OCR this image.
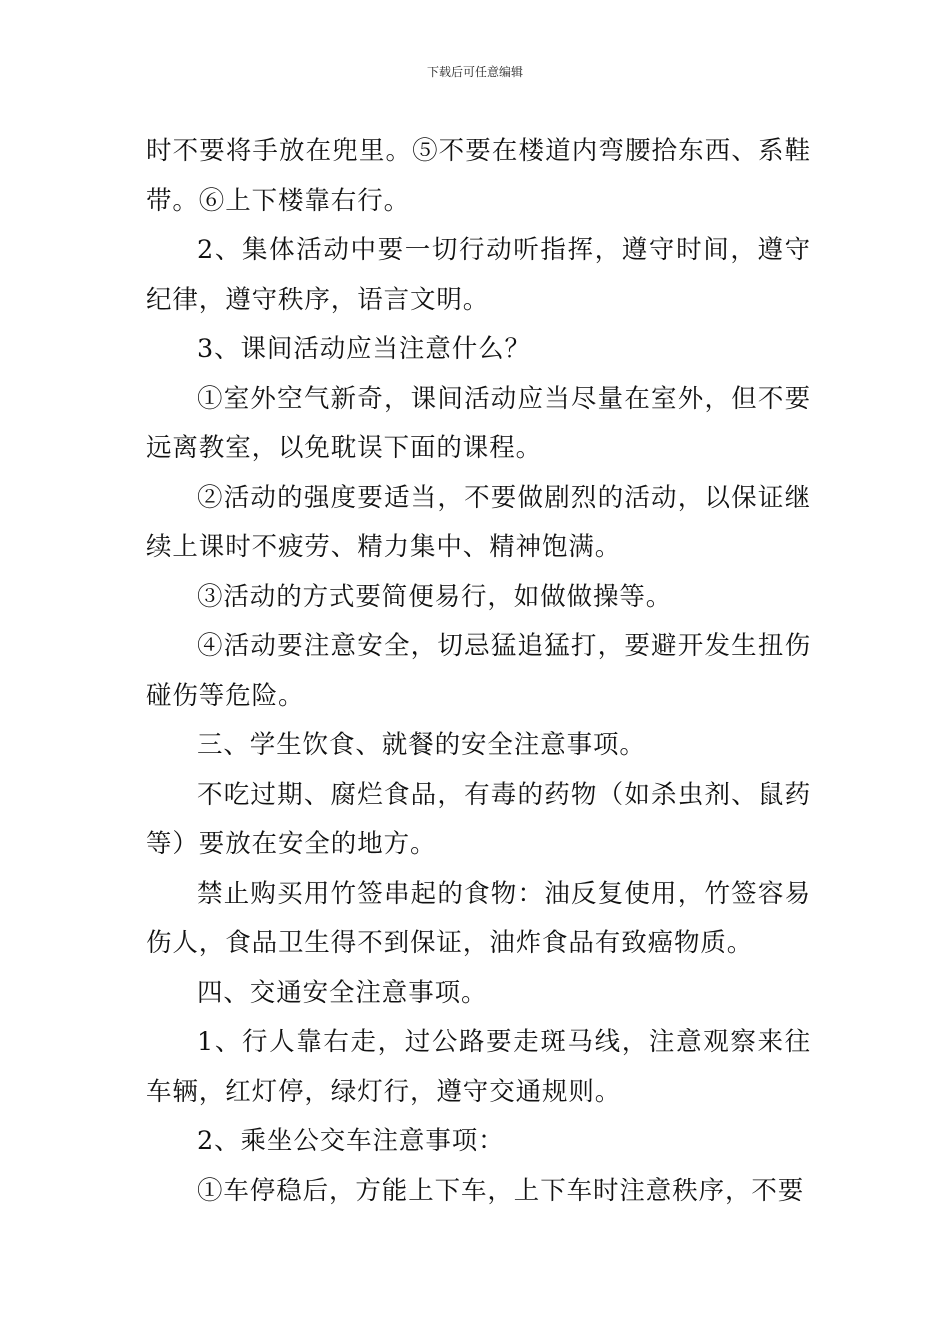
下载后可任意编辑

时不要将手放在兜里。⑤不要在楼道内弯腰拾东西、系鞋带。⑥上下楼靠右行。

2、集体活动中要一切行动听指挥，遵守时间，遵守纪律，遵守秩序，语言文明。

3、课间活动应当注意什么？

①室外空气新奇，课间活动应当尽量在室外，但不要远离教室，以免耽误下面的课程。

②活动的强度要适当，不要做剧烈的活动，以保证继续上课时不疲劳、精力集中、精神饱满。

③活动的方式要简便易行，如做做操等。

④活动要注意安全，切忌猛追猛打，要避开发生扭伤碰伤等危险。

三、学生饮食、就餐的安全注意事项。

不吃过期、腐烂食品，有毒的药物（如杀虫剂、鼠药等）要放在安全的地方。

禁止购买用竹签串起的食物：油反复使用，竹签容易伤人，食品卫生得不到保证，油炸食品有致癌物质。

四、交通安全注意事项。

1、行人靠右走，过公路要走斑马线，注意观察来往车辆，红灯停，绿灯行，遵守交通规则。

2、乘坐公交车注意事项：

①车停稳后，方能上下车，上下车时注意秩序，不要
